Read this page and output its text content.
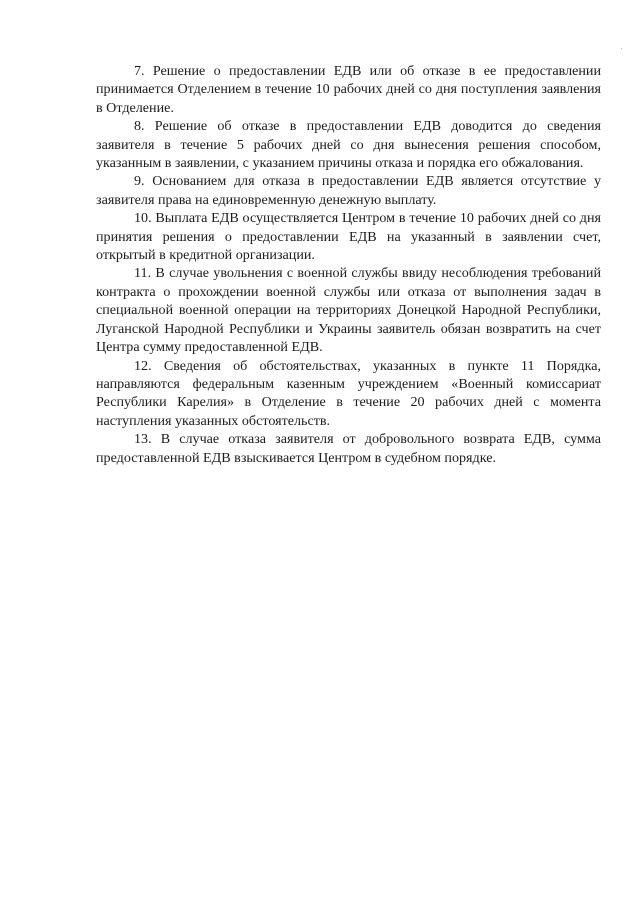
7. Решение о предоставлении ЕДВ или об отказе в ее предоставлении принимается Отделением в течение 10 рабочих дней со дня поступления заявления в Отделение.

8. Решение об отказе в предоставлении ЕДВ доводится до сведения заявителя в течение 5 рабочих дней со дня вынесения решения способом, указанным в заявлении, с указанием причины отказа и порядка его обжалования.

9. Основанием для отказа в предоставлении ЕДВ является отсутствие у заявителя права на единовременную денежную выплату.

10. Выплата ЕДВ осуществляется Центром в течение 10 рабочих дней со дня принятия решения о предоставлении ЕДВ на указанный в заявлении счет, открытый в кредитной организации.

11. В случае увольнения с военной службы ввиду несоблюдения требований контракта о прохождении военной службы или отказа от выполнения задач в специальной военной операции на территориях Донецкой Народной Республики, Луганской Народной Республики и Украины заявитель обязан возвратить на счет Центра сумму предоставленной ЕДВ.

12. Сведения об обстоятельствах, указанных в пункте 11 Порядка, направляются федеральным казенным учреждением «Военный комиссариат Республики Карелия» в Отделение в течение 20 рабочих дней с момента наступления указанных обстоятельств.

13. В случае отказа заявителя от добровольного возврата ЕДВ, сумма предоставленной ЕДВ взыскивается Центром в судебном порядке.
